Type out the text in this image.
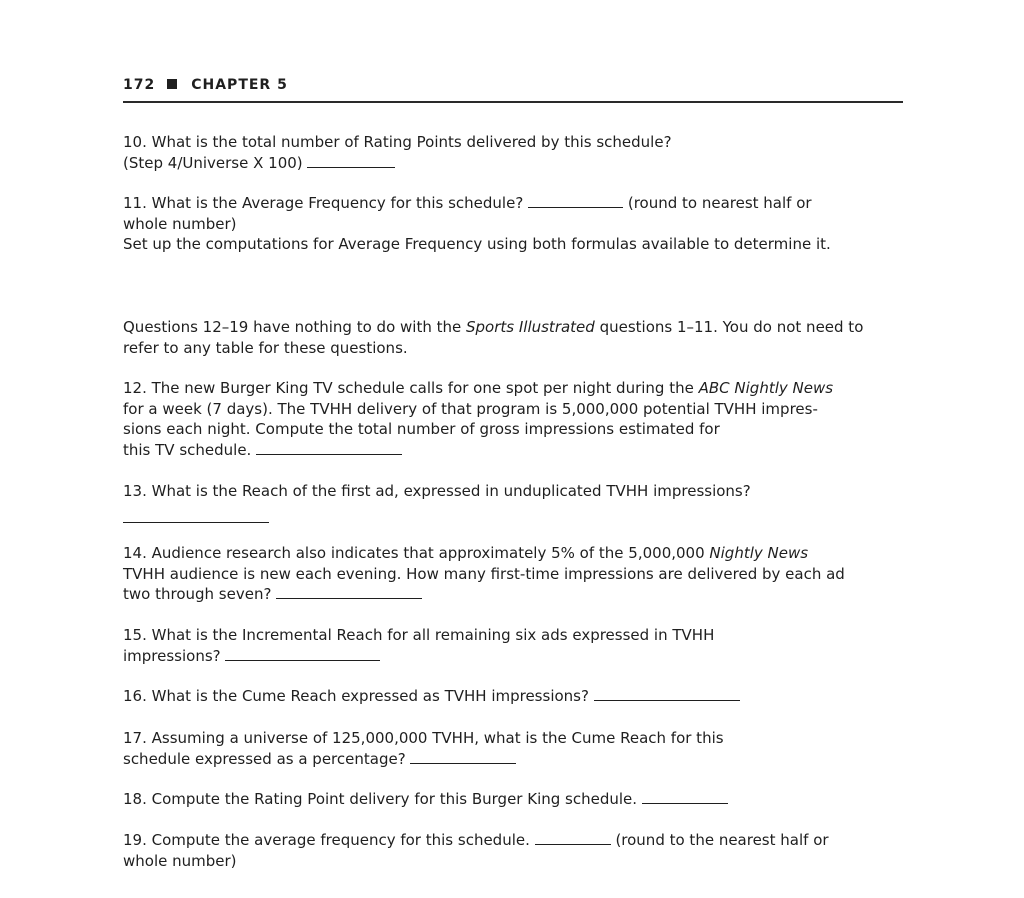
172	CHAPTER 5
10. What is the total number of Rating Points delivered by this schedule?
(Step 4/Universe X 100)
11. What is the Average Frequency for this schedule?	(round to nearest half or
whole number)
Set up the computations for Average Frequency using both formulas available to determine it.
Questions 12–19 have nothing to do with the Sports Illustrated questions 1–11. You do not need to
refer to any table for these questions.
12. The new Burger King TV schedule calls for one spot per night during the ABC Nightly News
for a week (7 days). The TVHH delivery of that program is 5,000,000 potential TVHH impres-
sions each night. Compute the total number of gross impressions estimated for
this TV schedule.
13. What is the Reach of the first ad, expressed in unduplicated TVHH impressions?
14. Audience research also indicates that approximately 5% of the 5,000,000 Nightly News
TVHH audience is new each evening. How many first-time impressions are delivered by each ad
two through seven?
15. What is the Incremental Reach for all remaining six ads expressed in TVHH
impressions?
16. What is the Cume Reach expressed as TVHH impressions?
17. Assuming a universe of 125,000,000 TVHH, what is the Cume Reach for this
schedule expressed as a percentage?
18. Compute the Rating Point delivery for this Burger King schedule.
19. Compute the average frequency for this schedule.	(round to the nearest half or
whole number)
